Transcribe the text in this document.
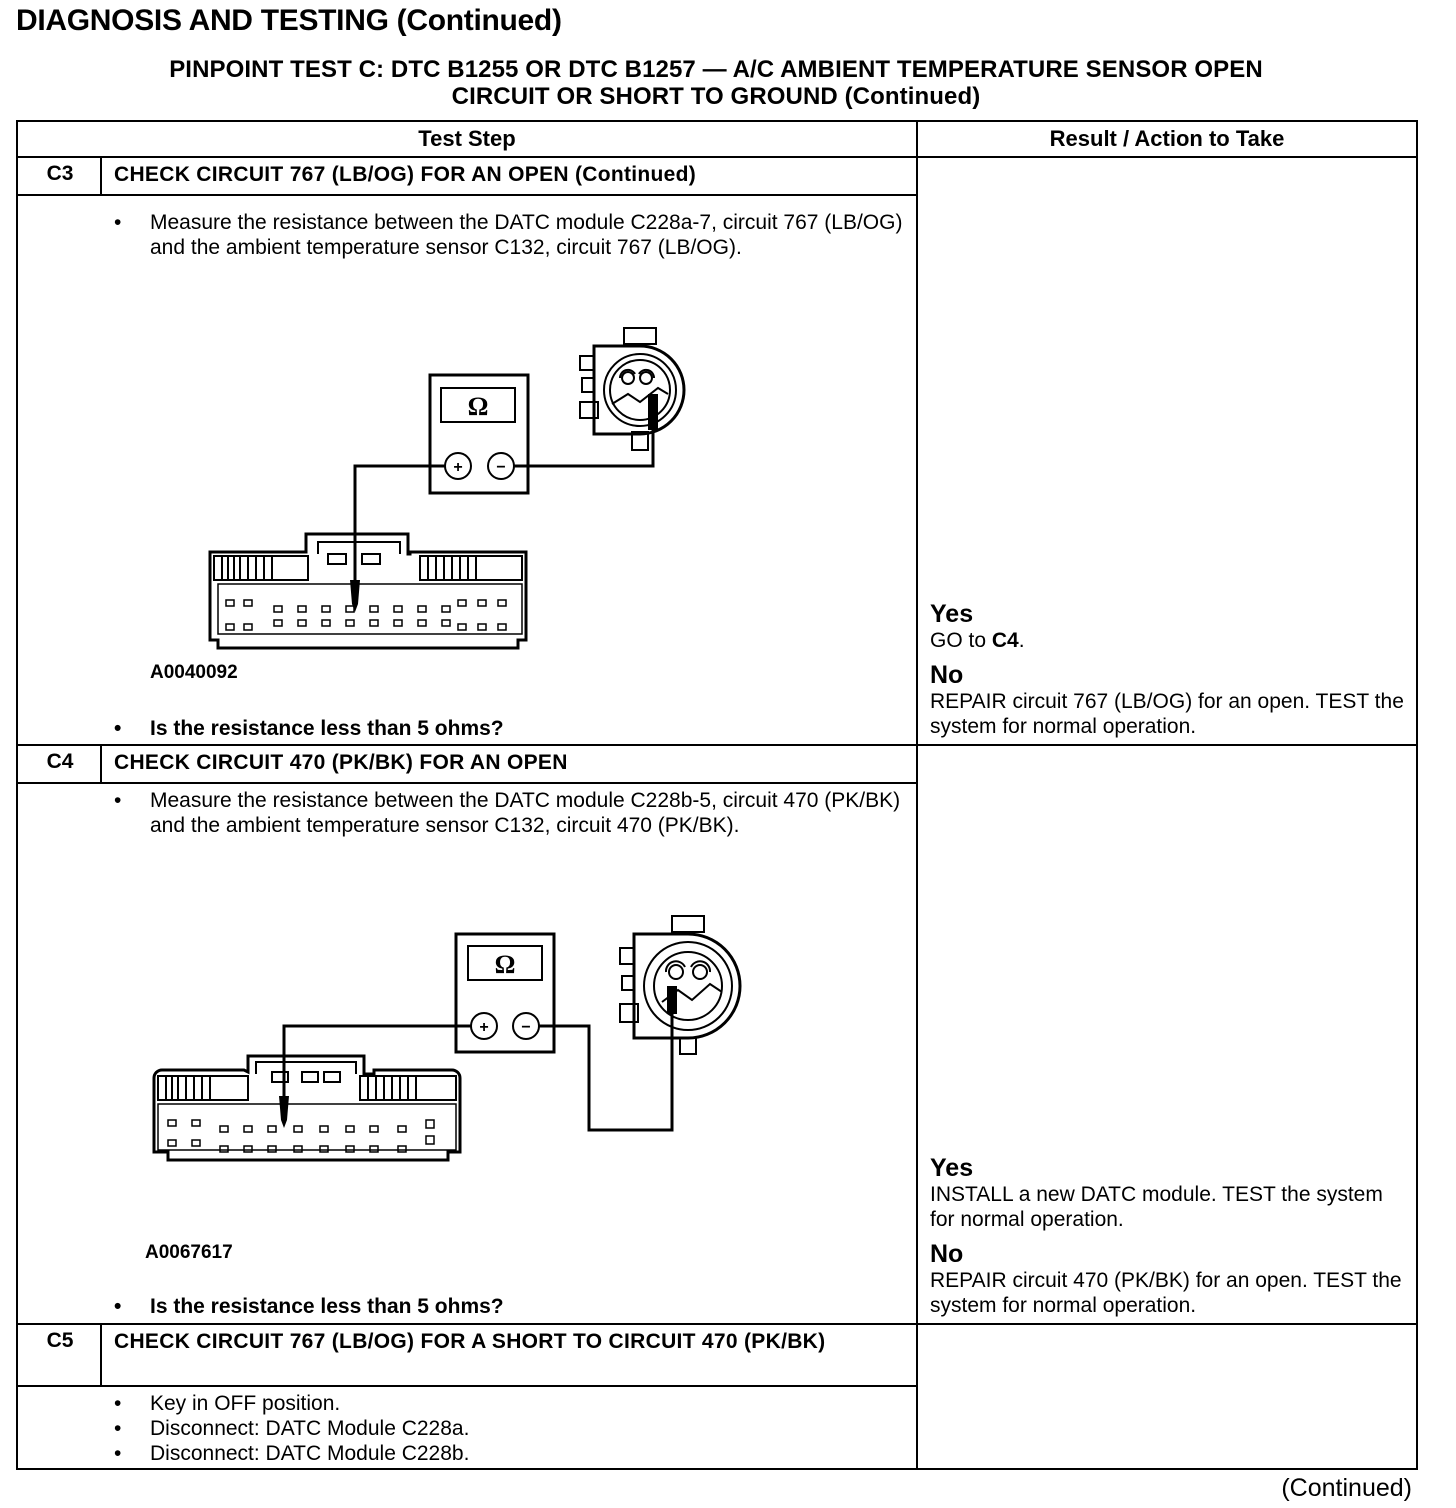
DIAGNOSIS AND TESTING (Continued)
PINPOINT TEST C: DTC B1255 OR DTC B1257 — A/C AMBIENT TEMPERATURE SENSOR OPEN
CIRCUIT OR SHORT TO GROUND (Continued)
Test Step	Result / Action to Take
C3	CHECK CIRCUIT 767 (LB/OG) FOR AN OPEN (Continued)
• Measure the resistance between the DATC module C228a-7, circuit 767 (LB/OG) and the ambient temperature sensor C132, circuit 767 (LB/OG).
Ω
+ −
A0040092
• Is the resistance less than 5 ohms?
Yes
GO to C4.
No
REPAIR circuit 767 (LB/OG) for an open. TEST the system for normal operation.
C4	CHECK CIRCUIT 470 (PK/BK) FOR AN OPEN
• Measure the resistance between the DATC module C228b-5, circuit 470 (PK/BK) and the ambient temperature sensor C132, circuit 470 (PK/BK).
Ω
+ −
A0067617
• Is the resistance less than 5 ohms?
Yes
INSTALL a new DATC module. TEST the system for normal operation.
No
REPAIR circuit 470 (PK/BK) for an open. TEST the system for normal operation.
C5	CHECK CIRCUIT 767 (LB/OG) FOR A SHORT TO CIRCUIT 470 (PK/BK)
• Key in OFF position.
• Disconnect: DATC Module C228a.
• Disconnect: DATC Module C228b.
(Continued)
